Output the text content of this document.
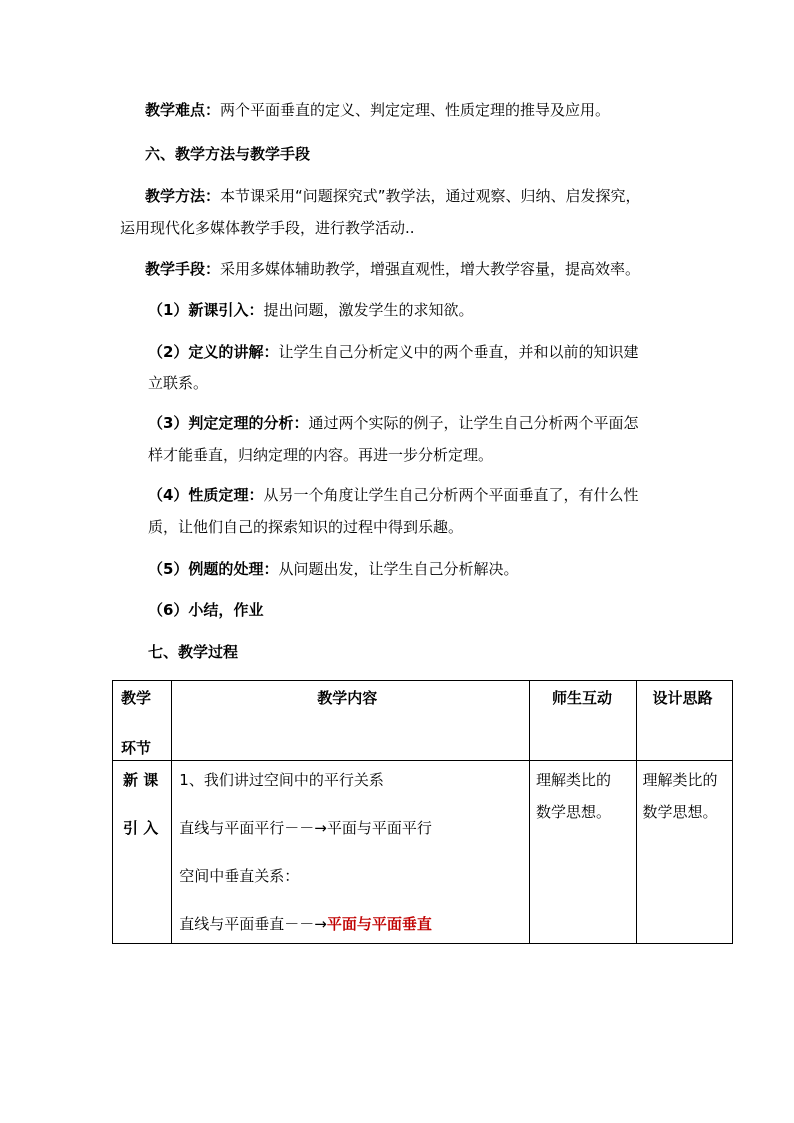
教学难点：两个平面垂直的定义、判定定理、性质定理的推导及应用。
六、教学方法与教学手段
教学方法：本节课采用“问题探究式”教学法，通过观察、归纳、启发探究，
运用现代化多媒体教学手段，进行教学活动..
教学手段：采用多媒体辅助教学，增强直观性，增大教学容量，提高效率。
（1）新课引入：提出问题，激发学生的求知欲。
（2）定义的讲解：让学生自己分析定义中的两个垂直，并和以前的知识建
立联系。
（3）判定定理的分析：通过两个实际的例子，让学生自己分析两个平面怎
样才能垂直，归纳定理的内容。再进一步分析定理。
（4）性质定理：从另一个角度让学生自己分析两个平面垂直了，有什么性
质，让他们自己的探索知识的过程中得到乐趣。
（5）例题的处理：从问题出发，让学生自己分析解决。
（6）小结，作业
七、教学过程
教学
环节	教学内容	师生互动	设计思路

新 课
引 入	1、我们讲过空间中的平行关系
直线与平面平行－－→平面与平面平行
空间中垂直关系：
直线与平面垂直－－→平面与平面垂直	理解类比的
数学思想。	理解类比的
数学思想。
